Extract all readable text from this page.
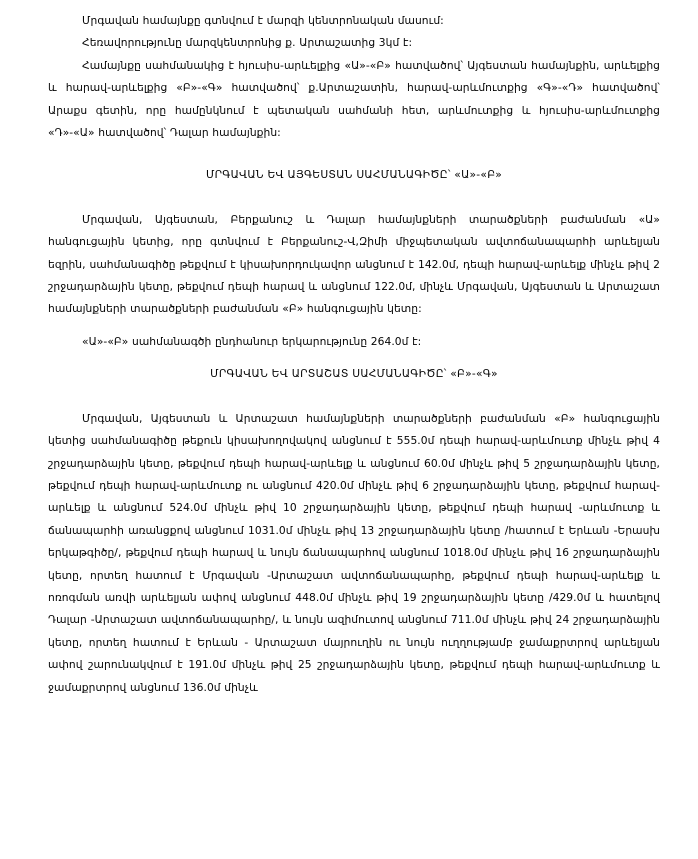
Մրգավան համայնքը գտնվում է մարզի կենտրոնական մասում:

Հեռավորությունը մարզկենտրոնից ք. Արտաշատից 3կմ է:

Համայնքը սահմանակից է հյուսիս-արևելքից «Ա»-«Բ» հատվածով՝ Այգեստան համայնքին, արևելքից և հարավ-արևելքից «Բ»-«Գ» հատվածով՝ ք.Արտաշատին, հարավ-արևմուտքից «Գ»-«Դ» հատվածով՝ Արաքս գետին, որը համընկնում է պետական սահմանի հետ, արևմուտքից և հյուսիս-արևմուտքից «Դ»-«Ա» հատվածով՝ Դալար համայնքին:

ՄՐԳԱՎԱՆ ԵՎ ԱՅԳԵՍՏԱՆ ՍԱՀՄԱՆԱԳԻԾԸ՝ «Ա»-«Բ»

Մրգավան, Այգեստան, Բերքանուշ և Դալար համայնքների տարածքների բաժանման «Ա» հանգուցային կետից, որը գտնվում է Բերքանուշ-Վ,Զիմի միջպետական ավտոճանապարհի արևելյան եզրին, սահմանագիծը թեքվում է կիսախորդուկավոր անցնում է 142.0մ, դեպի հարավ-արևելք մինչև թիվ 2 շրջադարձային կետը, թեքվում դեպի հարավ և անցնում 122.0մ, մինչև Մրգավան, Այգեստան և Արտաշատ համայնքների տարածքների բաժանման «Բ» հանգուցային կետը:

«Ա»-«Բ» սահմանագծի ընդհանուր երկարությունը 264.0մ է:

ՄՐԳԱՎԱՆ ԵՎ ԱՐՏԱՇԱՏ ՍԱՀՄԱՆԱԳԻԾԸ՝ «Բ»-«Գ»

Մրգավան, Այգեստան և Արտաշատ համայնքների տարածքների բաժանման «Բ» հանգուցային կետից սահմանագիծը թեքուն կիսախողովակով անցնում է 555.0մ դեպի հարավ-արևմուտք մինչև թիվ 4 շրջադարձային կետը, թեքվում դեպի հարավ-արևելք և անցնում 60.0մ մինչև թիվ 5 շրջադարձային կետը, թեքվում դեպի հարավ-արևմուտք ու անցնում 420.0մ մինչև թիվ 6 շրջադարձային կետը, թեքվում հարավ-արևելք և անցնում 524.0մ մինչև թիվ 10 շրջադարձային կետը, թեքվում դեպի հարավ -արևմուտք և ճանապարհի առանցքով անցնում 1031.0մ մինչև թիվ 13 շրջադարձային կետը /հատում է Երևան -Երասխ երկաթգիծը/, թեքվում դեպի հարավ և նույն ճանապարհով անցնում 1018.0մ մինչև թիվ 16 շրջադարձային կետը, որտեղ հատում է Մրգավան -Արտաշատ ավտոճանապարհը, թեքվում դեպի հարավ-արևելք և ոռոգման առվի արևելյան ափով անցնում 448.0մ մինչև թիվ 19 շրջադարձային կետը /429.0մ և հատելով Դալար -Արտաշատ ավտոճանապարհը/, և նույն ազիմուտով անցնում 711.0մ մինչև թիվ 24 շրջադարձային կետը, որտեղ հատում է Երևան - Արտաշատ մայրուղին ու նույն ուղղությամբ ջամաքրտրով արևելյան ափով շարունակվում է 191.0մ մինչև թիվ 25 շրջադարձային կետը, թեքվում դեպի հարավ-արևմուտք և ջամաքրտրով անցնում 136.0մ մինչև
